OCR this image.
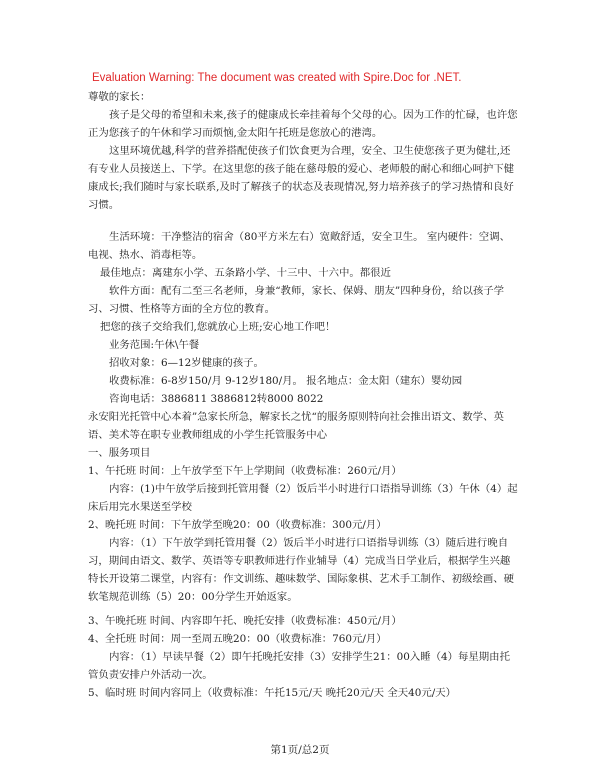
Evaluation Warning: The document was created with Spire.Doc for .NET.

尊敬的家长：

孩子是父母的希望和未来,孩子的健康成长牵挂着每个父母的心。因为工作的忙碌，也许您正为您孩子的午休和学习而烦恼,金太阳午托班是您放心的港湾。

这里环境优越,科学的营养搭配使孩子们饮食更为合理，安全、卫生使您孩子更为健壮,还有专业人员接送上、下学。在这里您的孩子能在慈母般的爱心、老师般的耐心和细心呵护下健康成长;我们随时与家长联系,及时了解孩子的状态及表现情况,努力培养孩子的学习热情和良好习惯。

生活环境：干净整洁的宿舍（80平方米左右）宽敞舒适，安全卫生。 室内硬件：空调、电视、热水、消毒柜等。

最佳地点：离建东小学、五条路小学、十三中、十六中。都很近

软件方面：配有二至三名老师，身兼“教师，家长、保姆、朋友”四种身份，给以孩子学习、习惯、性格等方面的全方位的教育。

把您的孩子交给我们,您就放心上班;安心地工作吧！

业务范围:午休\午餐

招收对象：6—12岁健康的孩子。

收费标准：6-8岁150/月 9-12岁180/月。 报名地点：金太阳（建东）婴幼园

咨询电话：3886811 3886812转8000 8022

永安阳光托管中心本着”急家长所急，解家长之忧“的服务原则特向社会推出语文、数学、英语、美术等在职专业教师组成的小学生托管服务中心

一、服务项目

1、午托班 时间：上午放学至下午上学期间（收费标准：260元/月）

内容：(1)中午放学后接到托管用餐（2）饭后半小时进行口语指导训练（3）午休（4）起床后用完水果送至学校

2、晚托班 时间：下午放学至晚20：00（收费标准：300元/月）

内容：（1）下午放学到托管用餐（2）饭后半小时进行口语指导训练（3）随后进行晚自习，期间由语文、数学、英语等专职教师进行作业辅导（4）完成当日学业后，根据学生兴趣特长开设第二课堂，内容有：作文训练、趣味数学、国际象棋、艺术手工制作、初级绘画、硬软笔规范训练（5）20：00分学生开始返家。

3、午晚托班 时间、内容即午托、晚托安排（收费标准：450元/月）

4、全托班 时间：周一至周五晚20：00（收费标准：760元/月）

内容：（1）早读早餐（2）即午托晚托安排（3）安排学生21：00入睡（4）每星期由托管负责安排户外活动一次。

5、临时班 时间内容同上（收费标准：午托15元/天 晚托20元/天 全天40元/天）

第1页/总2页
